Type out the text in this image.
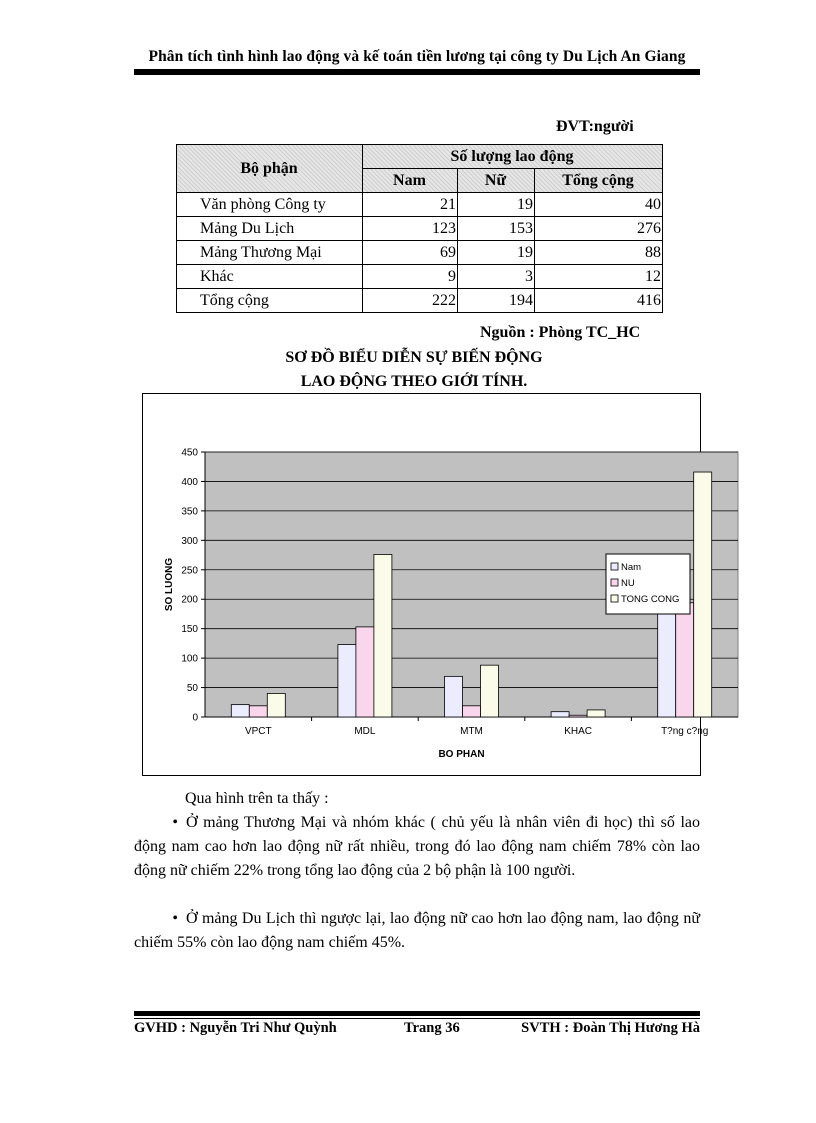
Phân tích tình hình lao động và kế toán tiền lương tại công ty Du Lịch An Giang
ĐVT:người
Bộ phận	Số lượng lao động		
	Nam	Nữ	Tổng cộng
Văn phòng Công ty	21	19	40
Mảng Du Lịch	123	153	276
Mảng Thương Mại	69	19	88
Khác	9	3	12
Tổng cộng	222	194	416
Nguồn : Phòng TC_HC
SƠ ĐỒ BIỂU DIỄN SỰ BIẾN ĐỘNG
LAO ĐỘNG THEO GIỚI TÍNH.
0
50
100
150
200
250
300
350
400
450
VPCT	MDL	MTM	KHAC	T?ng c?ng
BO PHAN
SO LUONG	Nam
NU
TONG CONG
Qua hình trên ta thấy :
• Ở mảng Thương Mại và nhóm khác ( chủ yếu là nhân viên đi học) thì số lao động nam cao hơn lao động nữ rất nhiều, trong đó lao động nam chiếm 78% còn lao động nữ chiếm 22% trong tổng lao động của 2 bộ phận là 100 người.
• Ở mảng Du Lịch thì ngược lại, lao động nữ cao hơn lao động nam, lao động nữ chiếm 55% còn lao động nam chiếm 45%.
GVHD : Nguyễn Tri Như Quỳnh	Trang 36	SVTH : Đoàn Thị Hương Hà
